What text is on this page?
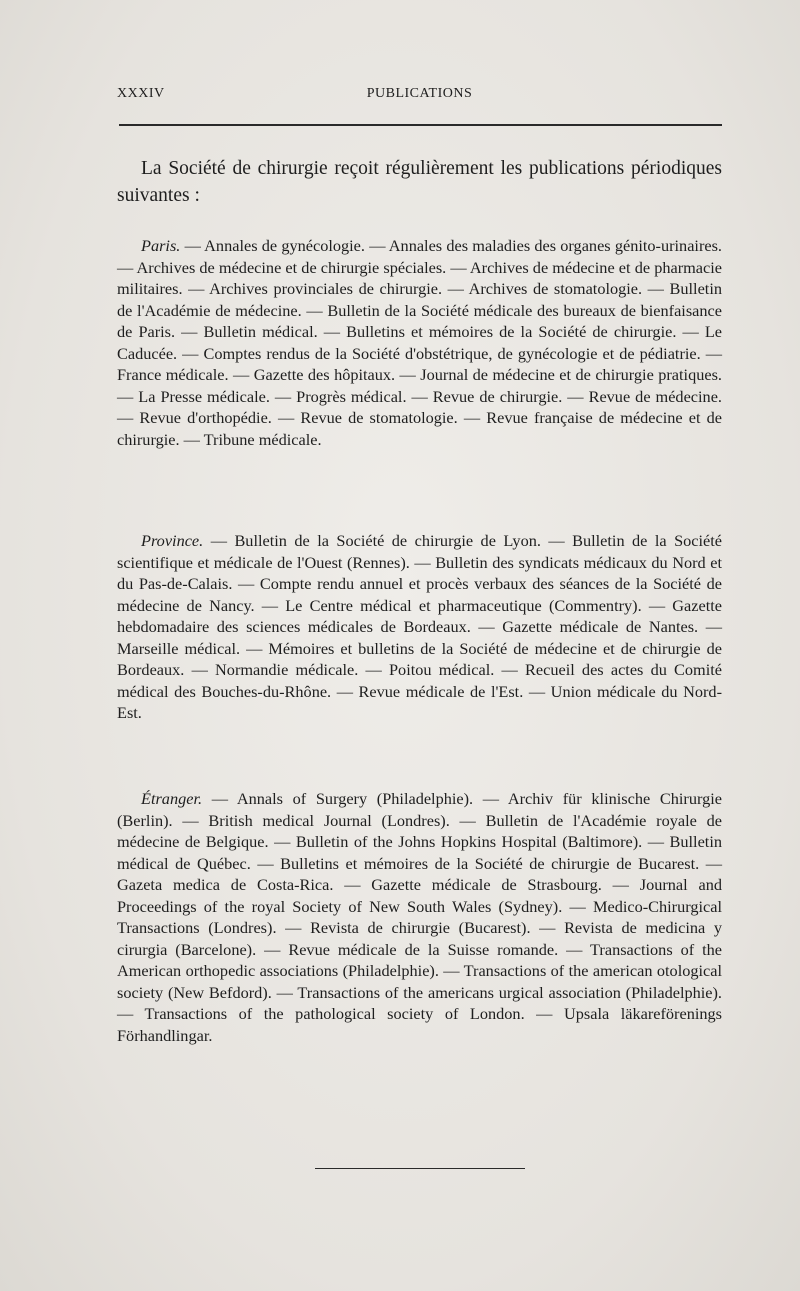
XXXIV	PUBLICATIONS

La Société de chirurgie reçoit régulièrement les publications périodiques suivantes :

Paris. — Annales de gynécologie. — Annales des maladies des organes génito-urinaires. — Archives de médecine et de chirurgie spéciales. — Archives de médecine et de pharmacie militaires. — Archives provinciales de chirurgie. — Archives de stomatologie. — Bulletin de l'Académie de médecine. — Bulletin de la Société médicale des bureaux de bienfaisance de Paris. — Bulletin médical. — Bulletins et mémoires de la Société de chirurgie. — Le Caducée. — Comptes rendus de la Société d'obstétrique, de gynécologie et de pédiatrie. — France médicale. — Gazette des hôpitaux. — Journal de médecine et de chirurgie pratiques. — La Presse médicale. — Progrès médical. — Revue de chirurgie. — Revue de médecine. — Revue d'orthopédie. — Revue de stomatologie. — Revue française de médecine et de chirurgie. — Tribune médicale.

Province. — Bulletin de la Société de chirurgie de Lyon. — Bulletin de la Société scientifique et médicale de l'Ouest (Rennes). — Bulletin des syndicats médicaux du Nord et du Pas-de-Calais. — Compte rendu annuel et procès verbaux des séances de la Société de médecine de Nancy. — Le Centre médical et pharmaceutique (Commentry). — Gazette hebdomadaire des sciences médicales de Bordeaux. — Gazette médicale de Nantes. — Marseille médical. — Mémoires et bulletins de la Société de médecine et de chirurgie de Bordeaux. — Normandie médicale. — Poitou médical. — Recueil des actes du Comité médical des Bouches-du-Rhône. — Revue médicale de l'Est. — Union médicale du Nord-Est.

Étranger. — Annals of Surgery (Philadelphie). — Archiv für klinische Chirurgie (Berlin). — British medical Journal (Londres). — Bulletin de l'Académie royale de médecine de Belgique. — Bulletin of the Johns Hopkins Hospital (Baltimore). — Bulletin médical de Québec. — Bulletins et mémoires de la Société de chirurgie de Bucarest. — Gazeta medica de Costa-Rica. — Gazette médicale de Strasbourg. — Journal and Proceedings of the royal Society of New South Wales (Sydney). — Medico-Chirurgical Transactions (Londres). — Revista de chirurgie (Bucarest). — Revista de medicina y cirurgia (Barcelone). — Revue médicale de la Suisse romande. — Transactions of the American orthopedic associations (Philadelphie). — Transactions of the american otological society (New Befdord). — Transactions of the americans urgical association (Philadelphie). — Transactions of the pathological society of London. — Upsala läkareförenings Förhandlingar.
